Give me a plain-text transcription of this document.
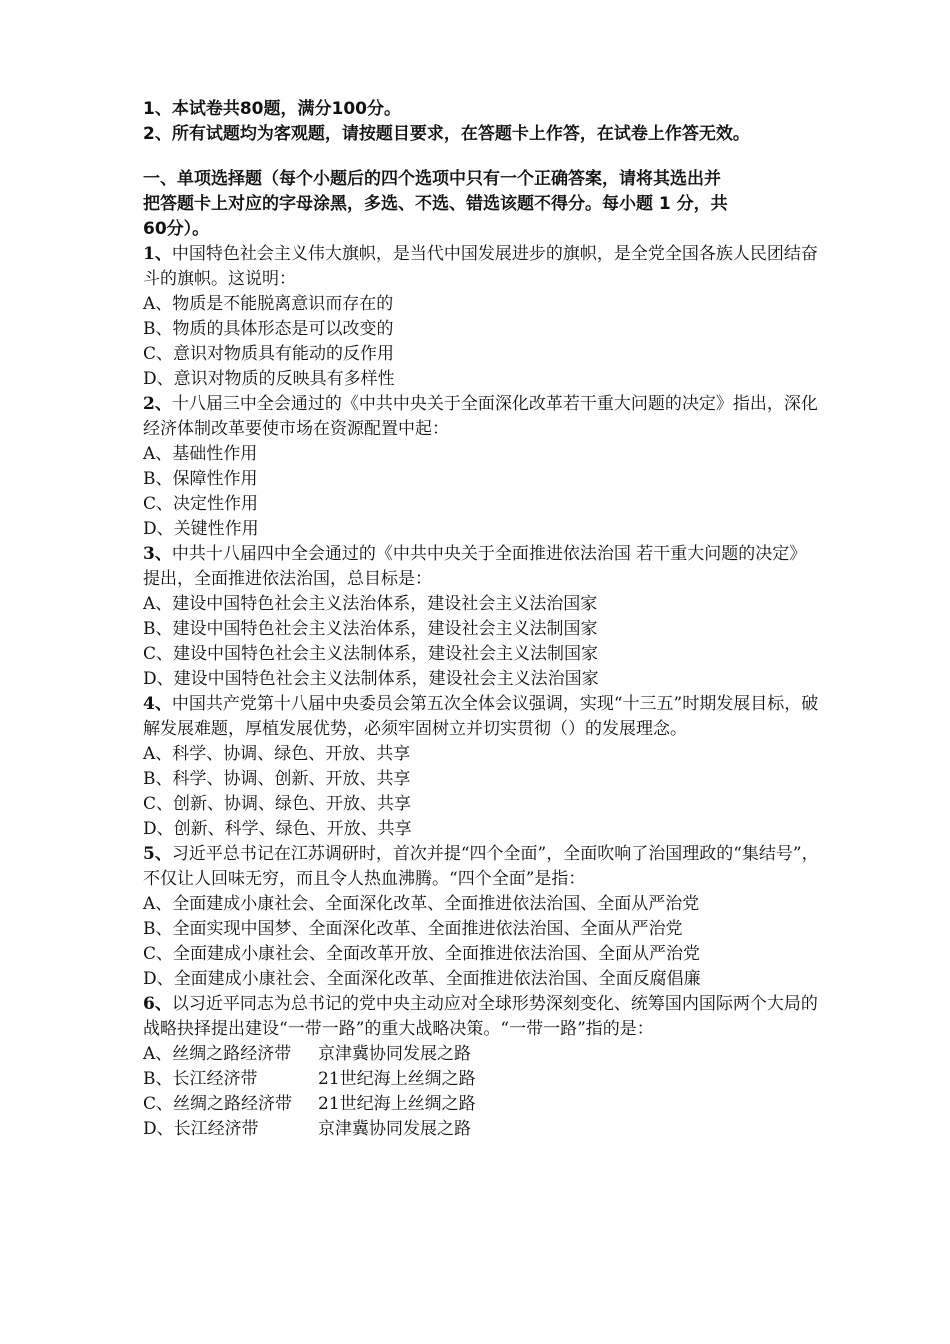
1、本试卷共80题，满分100分。
2、所有试题均为客观题，请按题目要求，在答题卡上作答，在试卷上作答无效。
一、单项选择题（每个小题后的四个选项中只有一个正确答案，请将其选出并
把答题卡上对应的字母涂黑，多选、不选、错选该题不得分。每小题 1 分，共
60分）。
1、中国特色社会主义伟大旗帜，是当代中国发展进步的旗帜，是全党全国各族人民团结奋斗的旗帜。这说明：
A、物质是不能脱离意识而存在的
B、物质的具体形态是可以改变的
C、意识对物质具有能动的反作用
D、意识对物质的反映具有多样性
2、十八届三中全会通过的《中共中央关于全面深化改革若干重大问题的决定》指出，深化经济体制改革要使市场在资源配置中起：
A、基础性作用
B、保障性作用
C、决定性作用
D、关键性作用
3、中共十八届四中全会通过的《中共中央关于全面推进依法治国 若干重大问题的决定》提出，全面推进依法治国，总目标是：
A、建设中国特色社会主义法治体系，建设社会主义法治国家
B、建设中国特色社会主义法治体系，建设社会主义法制国家
C、建设中国特色社会主义法制体系，建设社会主义法制国家
D、建设中国特色社会主义法制体系，建设社会主义法治国家
4、中国共产党第十八届中央委员会第五次全体会议强调，实现“十三五”时期发展目标，破解发展难题，厚植发展优势，必须牢固树立并切实贯彻（）的发展理念。
A、科学、协调、绿色、开放、共享
B、科学、协调、创新、开放、共享
C、创新、协调、绿色、开放、共享
D、创新、科学、绿色、开放、共享
5、习近平总书记在江苏调研时，首次并提“四个全面”，全面吹响了治国理政的“集结号”，不仅让人回味无穷，而且令人热血沸腾。“四个全面”是指：
A、全面建成小康社会、全面深化改革、全面推进依法治国、全面从严治党
B、全面实现中国梦、全面深化改革、全面推进依法治国、全面从严治党
C、全面建成小康社会、全面改革开放、全面推进依法治国、全面从严治党
D、全面建成小康社会、全面深化改革、全面推进依法治国、全面反腐倡廉
6、以习近平同志为总书记的党中央主动应对全球形势深刻变化、统筹国内国际两个大局的战略抉择提出建设“一带一路”的重大战略决策。“一带一路”指的是：
A、丝绸之路经济带 京津冀协同发展之路
B、长江经济带	21世纪海上丝绸之路
C、丝绸之路经济带 21世纪海上丝绸之路
D、长江经济带	京津冀协同发展之路
